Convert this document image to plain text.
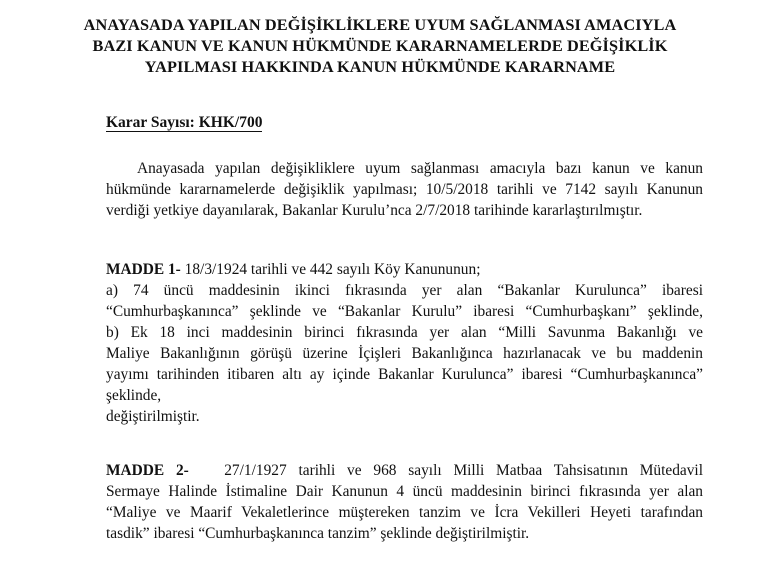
ANAYASADA YAPILAN DEĞİŞİKLİKLERE UYUM SAĞLANMASI AMACIYLA
BAZI KANUN VE KANUN HÜKMÜNDE KARARNAMELERDE DEĞİŞİKLİK
YAPILMASI HAKKINDA KANUN HÜKMÜNDE KARARNAME
Karar Sayısı: KHK/700
Anayasada yapılan değişikliklere uyum sağlanması amacıyla bazı kanun ve kanun
hükmünde kararnamelerde değişiklik yapılması; 10/5/2018 tarihli ve 7142 sayılı Kanunun
verdiği yetkiye dayanılarak, Bakanlar Kurulu’nca 2/7/2018 tarihinde kararlaştırılmıştır.
MADDE 1- 18/3/1924 tarihli ve 442 sayılı Köy Kanununun;
a) 74 üncü maddesinin ikinci fıkrasında yer alan “Bakanlar Kurulunca” ibaresi
“Cumhurbaşkanınca” şeklinde ve “Bakanlar Kurulu” ibaresi “Cumhurbaşkanı” şeklinde,
b) Ek 18 inci maddesinin birinci fıkrasında yer alan “Milli Savunma Bakanlığı ve
Maliye Bakanlığının görüşü üzerine İçişleri Bakanlığınca hazırlanacak ve bu maddenin
yayımı tarihinden itibaren altı ay içinde Bakanlar Kurulunca” ibaresi “Cumhurbaşkanınca”
şeklinde,
değiştirilmiştir.
MADDE 2- 27/1/1927 tarihli ve 968 sayılı Milli Matbaa Tahsisatının Mütedavil
Sermaye Halinde İstimaline Dair Kanunun 4 üncü maddesinin birinci fıkrasında yer alan
“Maliye ve Maarif Vekaletlerince müştereken tanzim ve İcra Vekilleri Heyeti tarafından
tasdik” ibaresi “Cumhurbaşkanınca tanzim” şeklinde değiştirilmiştir.
